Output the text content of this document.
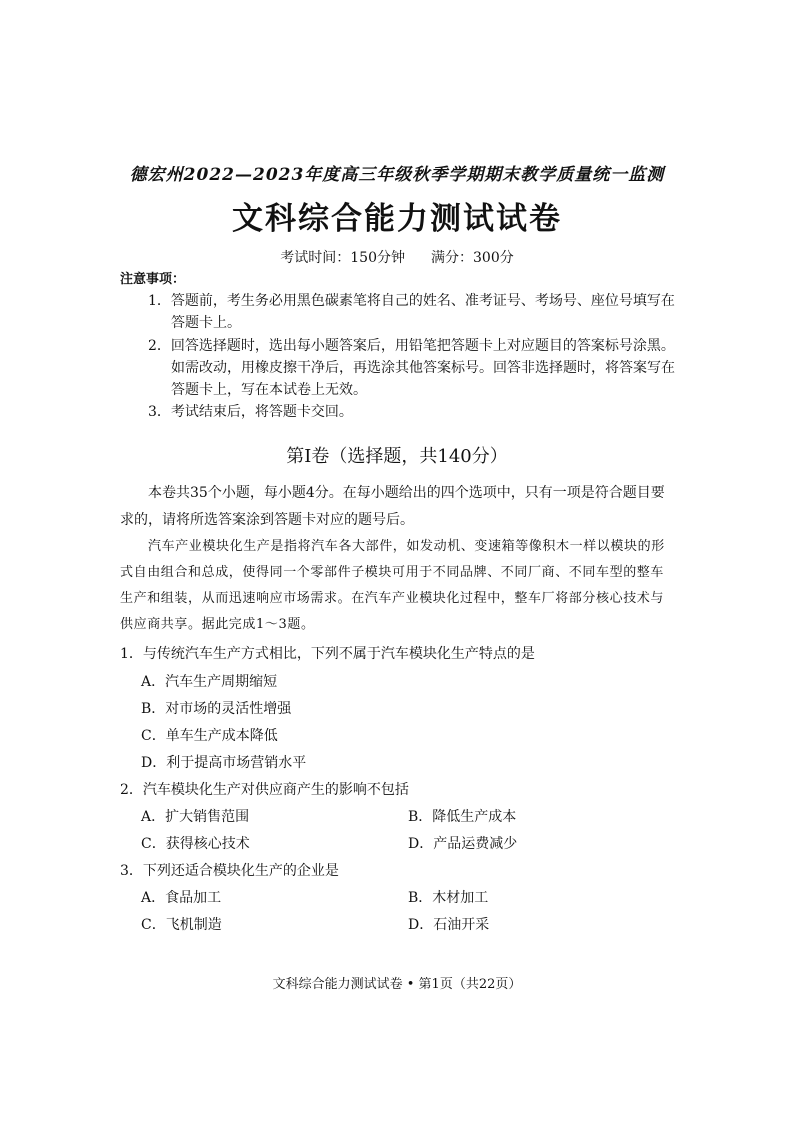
德宏州2022—2023年度高三年级秋季学期期末教学质量统一监测
文科综合能力测试试卷
考试时间：150分钟 满分：300分
注意事项：
1．答题前，考生务必用黑色碳素笔将自己的姓名、准考证号、考场号、座位号填写在
答题卡上。
2．回答选择题时，选出每小题答案后，用铅笔把答题卡上对应题目的答案标号涂黑。
如需改动，用橡皮擦干净后，再选涂其他答案标号。回答非选择题时，将答案写在
答题卡上，写在本试卷上无效。
3．考试结束后，将答题卡交回。
第I卷（选择题，共140分）
本卷共35个小题，每小题4分。在每小题给出的四个选项中，只有一项是符合题目要
求的，请将所选答案涂到答题卡对应的题号后。
汽车产业模块化生产是指将汽车各大部件，如发动机、变速箱等像积木一样以模块的形
式自由组合和总成，使得同一个零部件子模块可用于不同品牌、不同厂商、不同车型的整车
生产和组装，从而迅速响应市场需求。在汽车产业模块化过程中，整车厂将部分核心技术与
供应商共享。据此完成1～3题。
1．与传统汽车生产方式相比，下列不属于汽车模块化生产特点的是
A．汽车生产周期缩短
B．对市场的灵活性增强
C．单车生产成本降低
D．利于提高市场营销水平
2．汽车模块化生产对供应商产生的影响不包括
A．扩大销售范围	B．降低生产成本
C．获得核心技术	D．产品运费减少
3．下列还适合模块化生产的企业是
A．食品加工	B．木材加工
C．飞机制造	D．石油开采
文科综合能力测试试卷 • 第1页（共22页）
